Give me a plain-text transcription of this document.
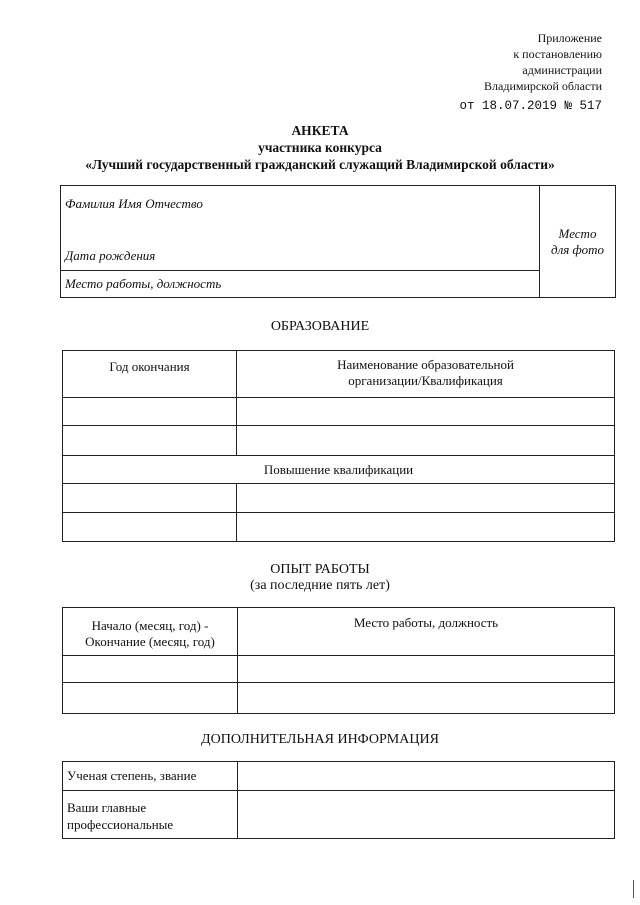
Приложение
к постановлению
администрации
Владимирской области
от 18.07.2019 № 517
АНКЕТА
участника конкурса
«Лучший государственный гражданский служащий Владимирской области»
Фамилия Имя Отчество
Дата рождения

Место
для фото

Место работы, должность
ОБРАЗОВАНИЕ
Год окончания	Наименование образовательной
организации/Квалификация

Повышение квалификации	

ОПЫТ РАБОТЫ
(за последние пять лет)
Начало (месяц, год) -
Окончание (месяц, год)	Место работы, должность

ДОПОЛНИТЕЛЬНАЯ ИНФОРМАЦИЯ
Ученая степень, звание	

Ваши главные
профессиональные	
